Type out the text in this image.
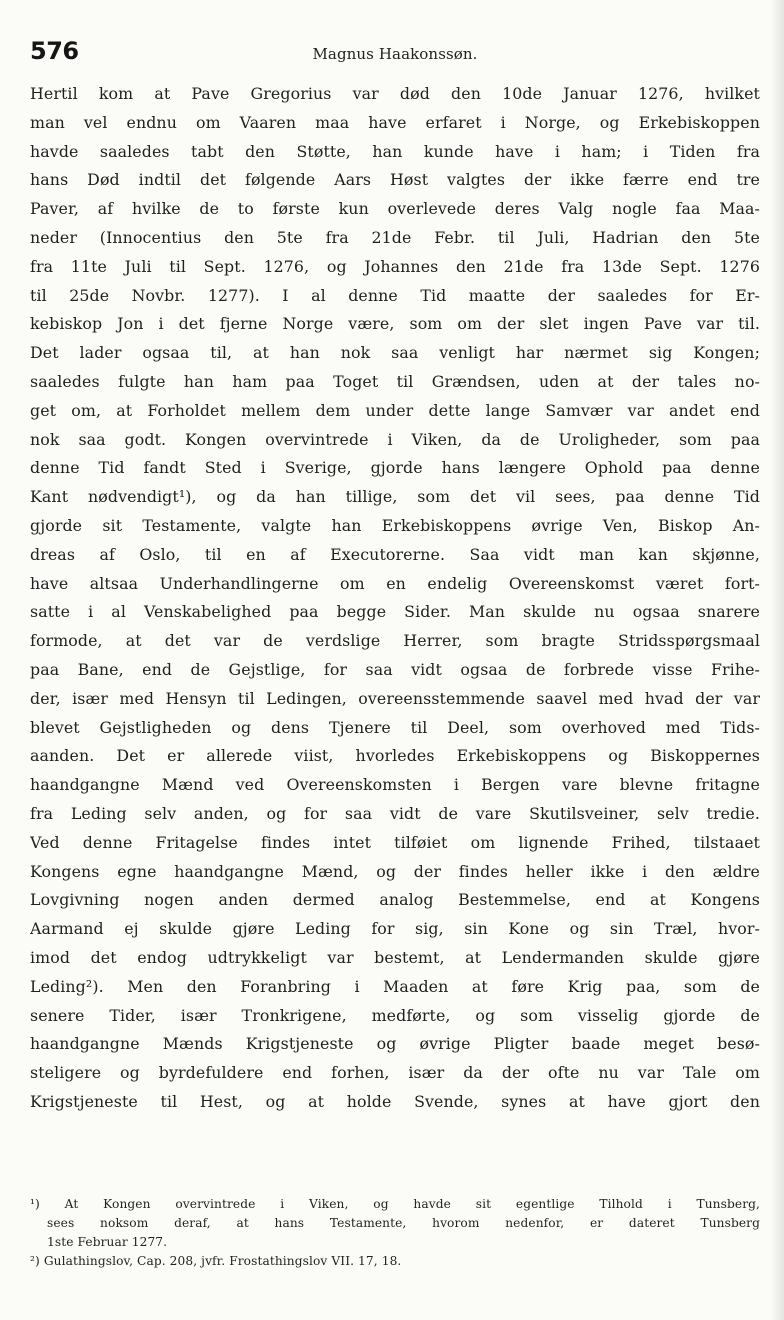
576	Magnus Haakonssøn.
Hertil kom at Pave Gregorius var død den 10de Januar 1276, hvilket
man vel endnu om Vaaren maa have erfaret i Norge, og Erkebiskoppen
havde saaledes tabt den Støtte, han kunde have i ham; i Tiden fra
hans Død indtil det følgende Aars Høst valgtes der ikke færre end tre
Paver, af hvilke de to første kun overlevede deres Valg nogle faa Maa-
neder (Innocentius den 5te fra 21de Febr. til Juli, Hadrian den 5te
fra 11te Juli til Sept. 1276, og Johannes den 21de fra 13de Sept. 1276
til 25de Novbr. 1277). I al denne Tid maatte der saaledes for Er-
kebiskop Jon i det fjerne Norge være, som om der slet ingen Pave var til.
Det lader ogsaa til, at han nok saa venligt har nærmet sig Kongen;
saaledes fulgte han ham paa Toget til Grændsen, uden at der tales no-
get om, at Forholdet mellem dem under dette lange Samvær var andet end
nok saa godt. Kongen overvintrede i Viken, da de Uroligheder, som paa
denne Tid fandt Sted i Sverige, gjorde hans længere Ophold paa denne
Kant nødvendigt¹), og da han tillige, som det vil sees, paa denne Tid
gjorde sit Testamente, valgte han Erkebiskoppens øvrige Ven, Biskop An-
dreas af Oslo, til en af Executorerne. Saa vidt man kan skjønne,
have altsaa Underhandlingerne om en endelig Overeenskomst været fort-
satte i al Venskabelighed paa begge Sider. Man skulde nu ogsaa snarere
formode, at det var de verdslige Herrer, som bragte Stridsspørgsmaal
paa Bane, end de Gejstlige, for saa vidt ogsaa de forbrede visse Frihe-
der, især med Hensyn til Ledingen, overeensstemmende saavel med hvad der var
blevet Gejstligheden og dens Tjenere til Deel, som overhoved med Tids-
aanden. Det er allerede viist, hvorledes Erkebiskoppens og Biskoppernes
haandgangne Mænd ved Overeenskomsten i Bergen vare blevne fritagne
fra Leding selv anden, og for saa vidt de vare Skutilsveiner, selv tredie.
Ved denne Fritagelse findes intet tilføiet om lignende Frihed, tilstaaet
Kongens egne haandgangne Mænd, og der findes heller ikke i den ældre
Lovgivning nogen anden dermed analog Bestemmelse, end at Kongens
Aarmand ej skulde gjøre Leding for sig, sin Kone og sin Træl, hvor-
imod det endog udtrykkeligt var bestemt, at Lendermanden skulde gjøre
Leding²). Men den Foranbring i Maaden at føre Krig paa, som de
senere Tider, især Tronkrigene, medførte, og som visselig gjorde de
haandgangne Mænds Krigstjeneste og øvrige Pligter baade meget besø-
steligere og byrdefuldere end forhen, især da der ofte nu var Tale om
Krigstjeneste til Hest, og at holde Svende, synes at have gjort den
¹) At Kongen overvintrede i Viken, og havde sit egentlige Tilhold i Tunsberg,
sees noksom deraf, at hans Testamente, hvorom nedenfor, er dateret Tunsberg
1ste Februar 1277.
²) Gulathingslov, Cap. 208, jvfr. Frostathingslov VII. 17, 18.
